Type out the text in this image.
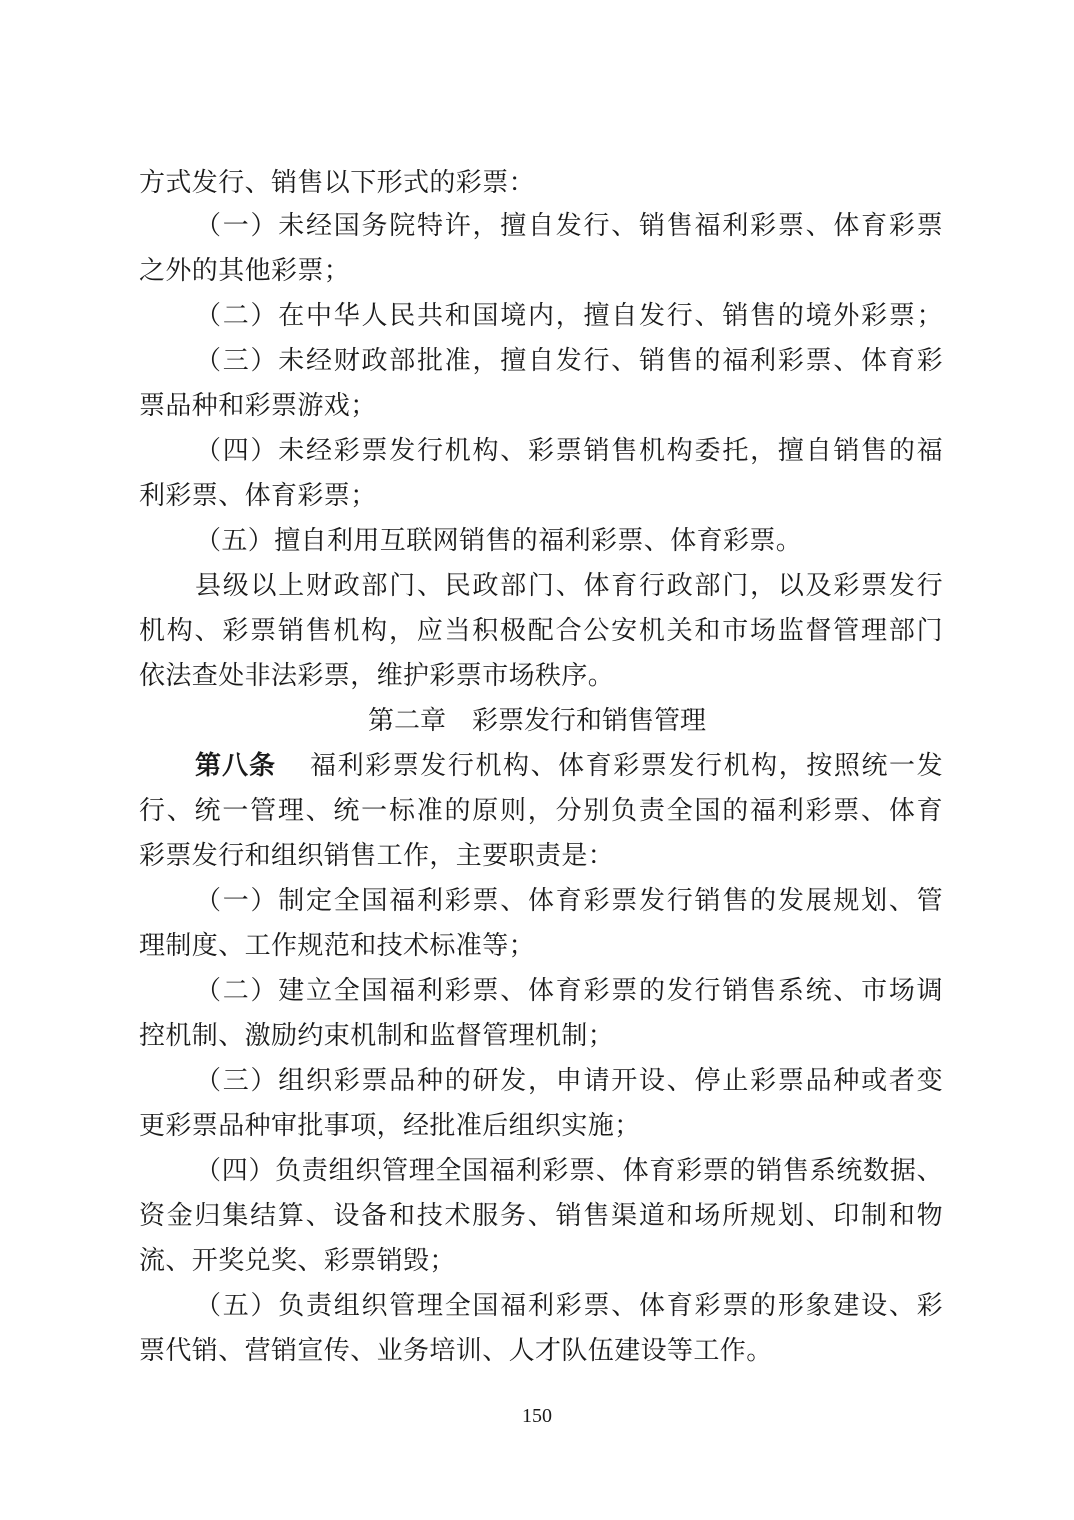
方式发行、销售以下形式的彩票：
（一）未经国务院特许，擅自发行、销售福利彩票、体育彩票
之外的其他彩票；
（二）在中华人民共和国境内，擅自发行、销售的境外彩票；
（三）未经财政部批准，擅自发行、销售的福利彩票、体育彩
票品种和彩票游戏；
（四）未经彩票发行机构、彩票销售机构委托，擅自销售的福
利彩票、体育彩票；
（五）擅自利用互联网销售的福利彩票、体育彩票。
县级以上财政部门、民政部门、体育行政部门，以及彩票发行
机构、彩票销售机构，应当积极配合公安机关和市场监督管理部门
依法查处非法彩票，维护彩票市场秩序。
第二章　彩票发行和销售管理
第八条 福利彩票发行机构、体育彩票发行机构，按照统一发
行、统一管理、统一标准的原则，分别负责全国的福利彩票、体育
彩票发行和组织销售工作，主要职责是：
（一）制定全国福利彩票、体育彩票发行销售的发展规划、管
理制度、工作规范和技术标准等；
（二）建立全国福利彩票、体育彩票的发行销售系统、市场调
控机制、激励约束机制和监督管理机制；
（三）组织彩票品种的研发，申请开设、停止彩票品种或者变
更彩票品种审批事项，经批准后组织实施；
（四）负责组织管理全国福利彩票、体育彩票的销售系统数据、
资金归集结算、设备和技术服务、销售渠道和场所规划、印制和物
流、开奖兑奖、彩票销毁；
（五）负责组织管理全国福利彩票、体育彩票的形象建设、彩
票代销、营销宣传、业务培训、人才队伍建设等工作。
150
